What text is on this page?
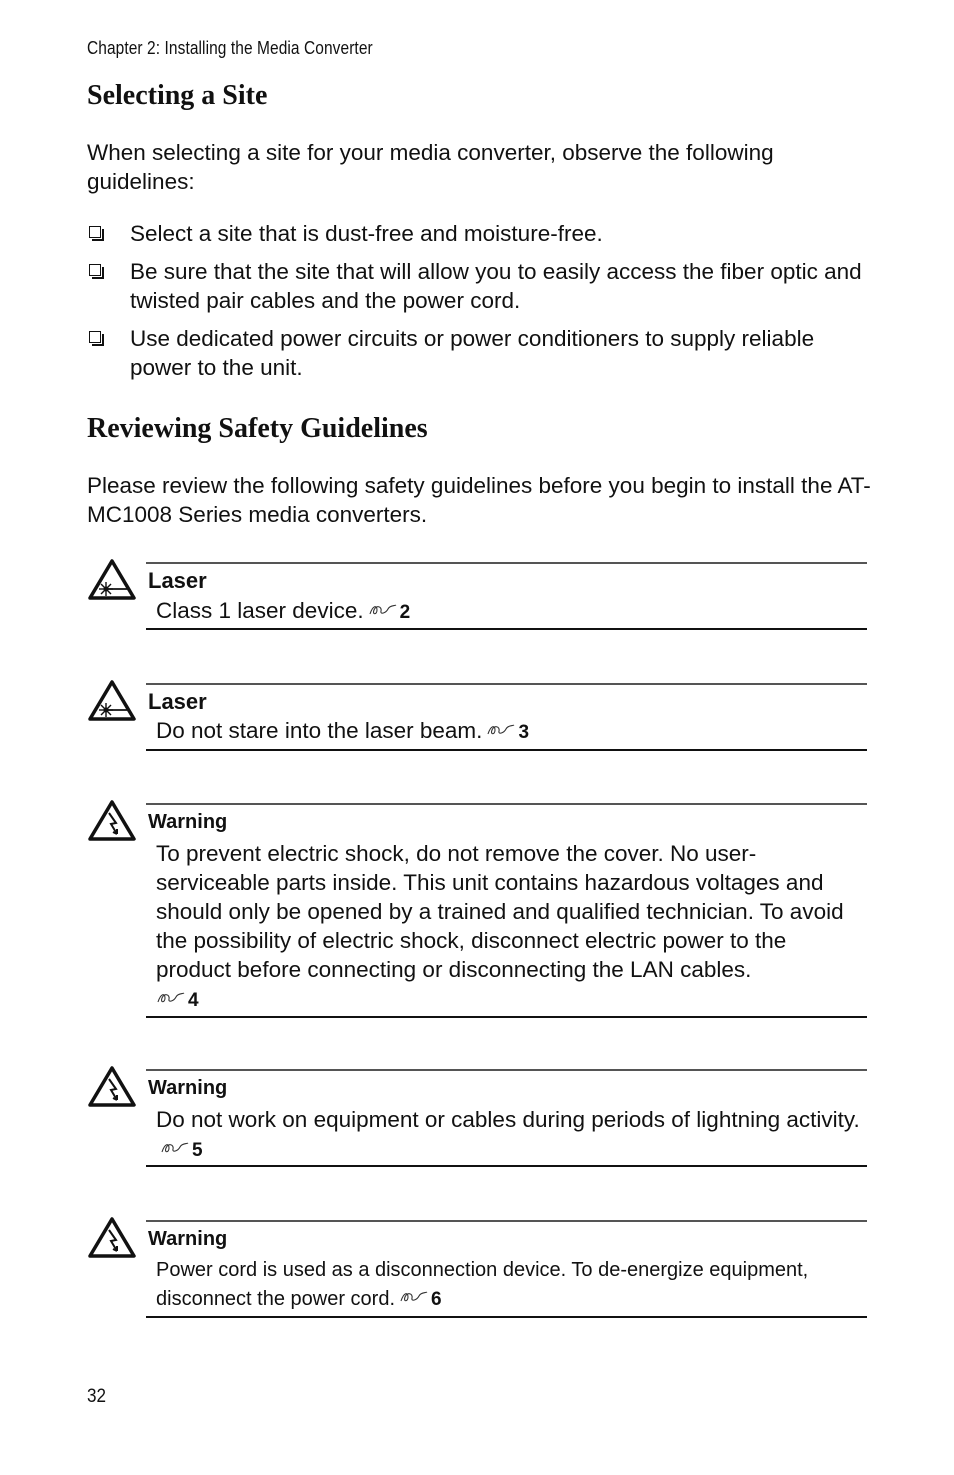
Chapter 2: Installing the Media Converter
Selecting a Site

When selecting a site for your media converter, observe the following guidelines:

Select a site that is dust-free and moisture-free.
Be sure that the site that will allow you to easily access the fiber optic and twisted pair cables and the power cord.
Use dedicated power circuits or power conditioners to supply reliable power to the unit.
Reviewing Safety Guidelines

Please review the following safety guidelines before you begin to install the AT-MC1008 Series media converters.

Laser
Class 1 laser device. 2
Laser
Do not stare into the laser beam. 3
Warning
To prevent electric shock, do not remove the cover. No user-serviceable parts inside. This unit contains hazardous voltages and should only be opened by a trained and qualified technician. To avoid the possibility of electric shock, disconnect electric power to the product before connecting or disconnecting the LAN cables.
4
Warning
Do not work on equipment or cables during periods of lightning activity.5
Warning
Power cord is used as a disconnection device. To de-energize equipment, disconnect the power cord. 6
32
